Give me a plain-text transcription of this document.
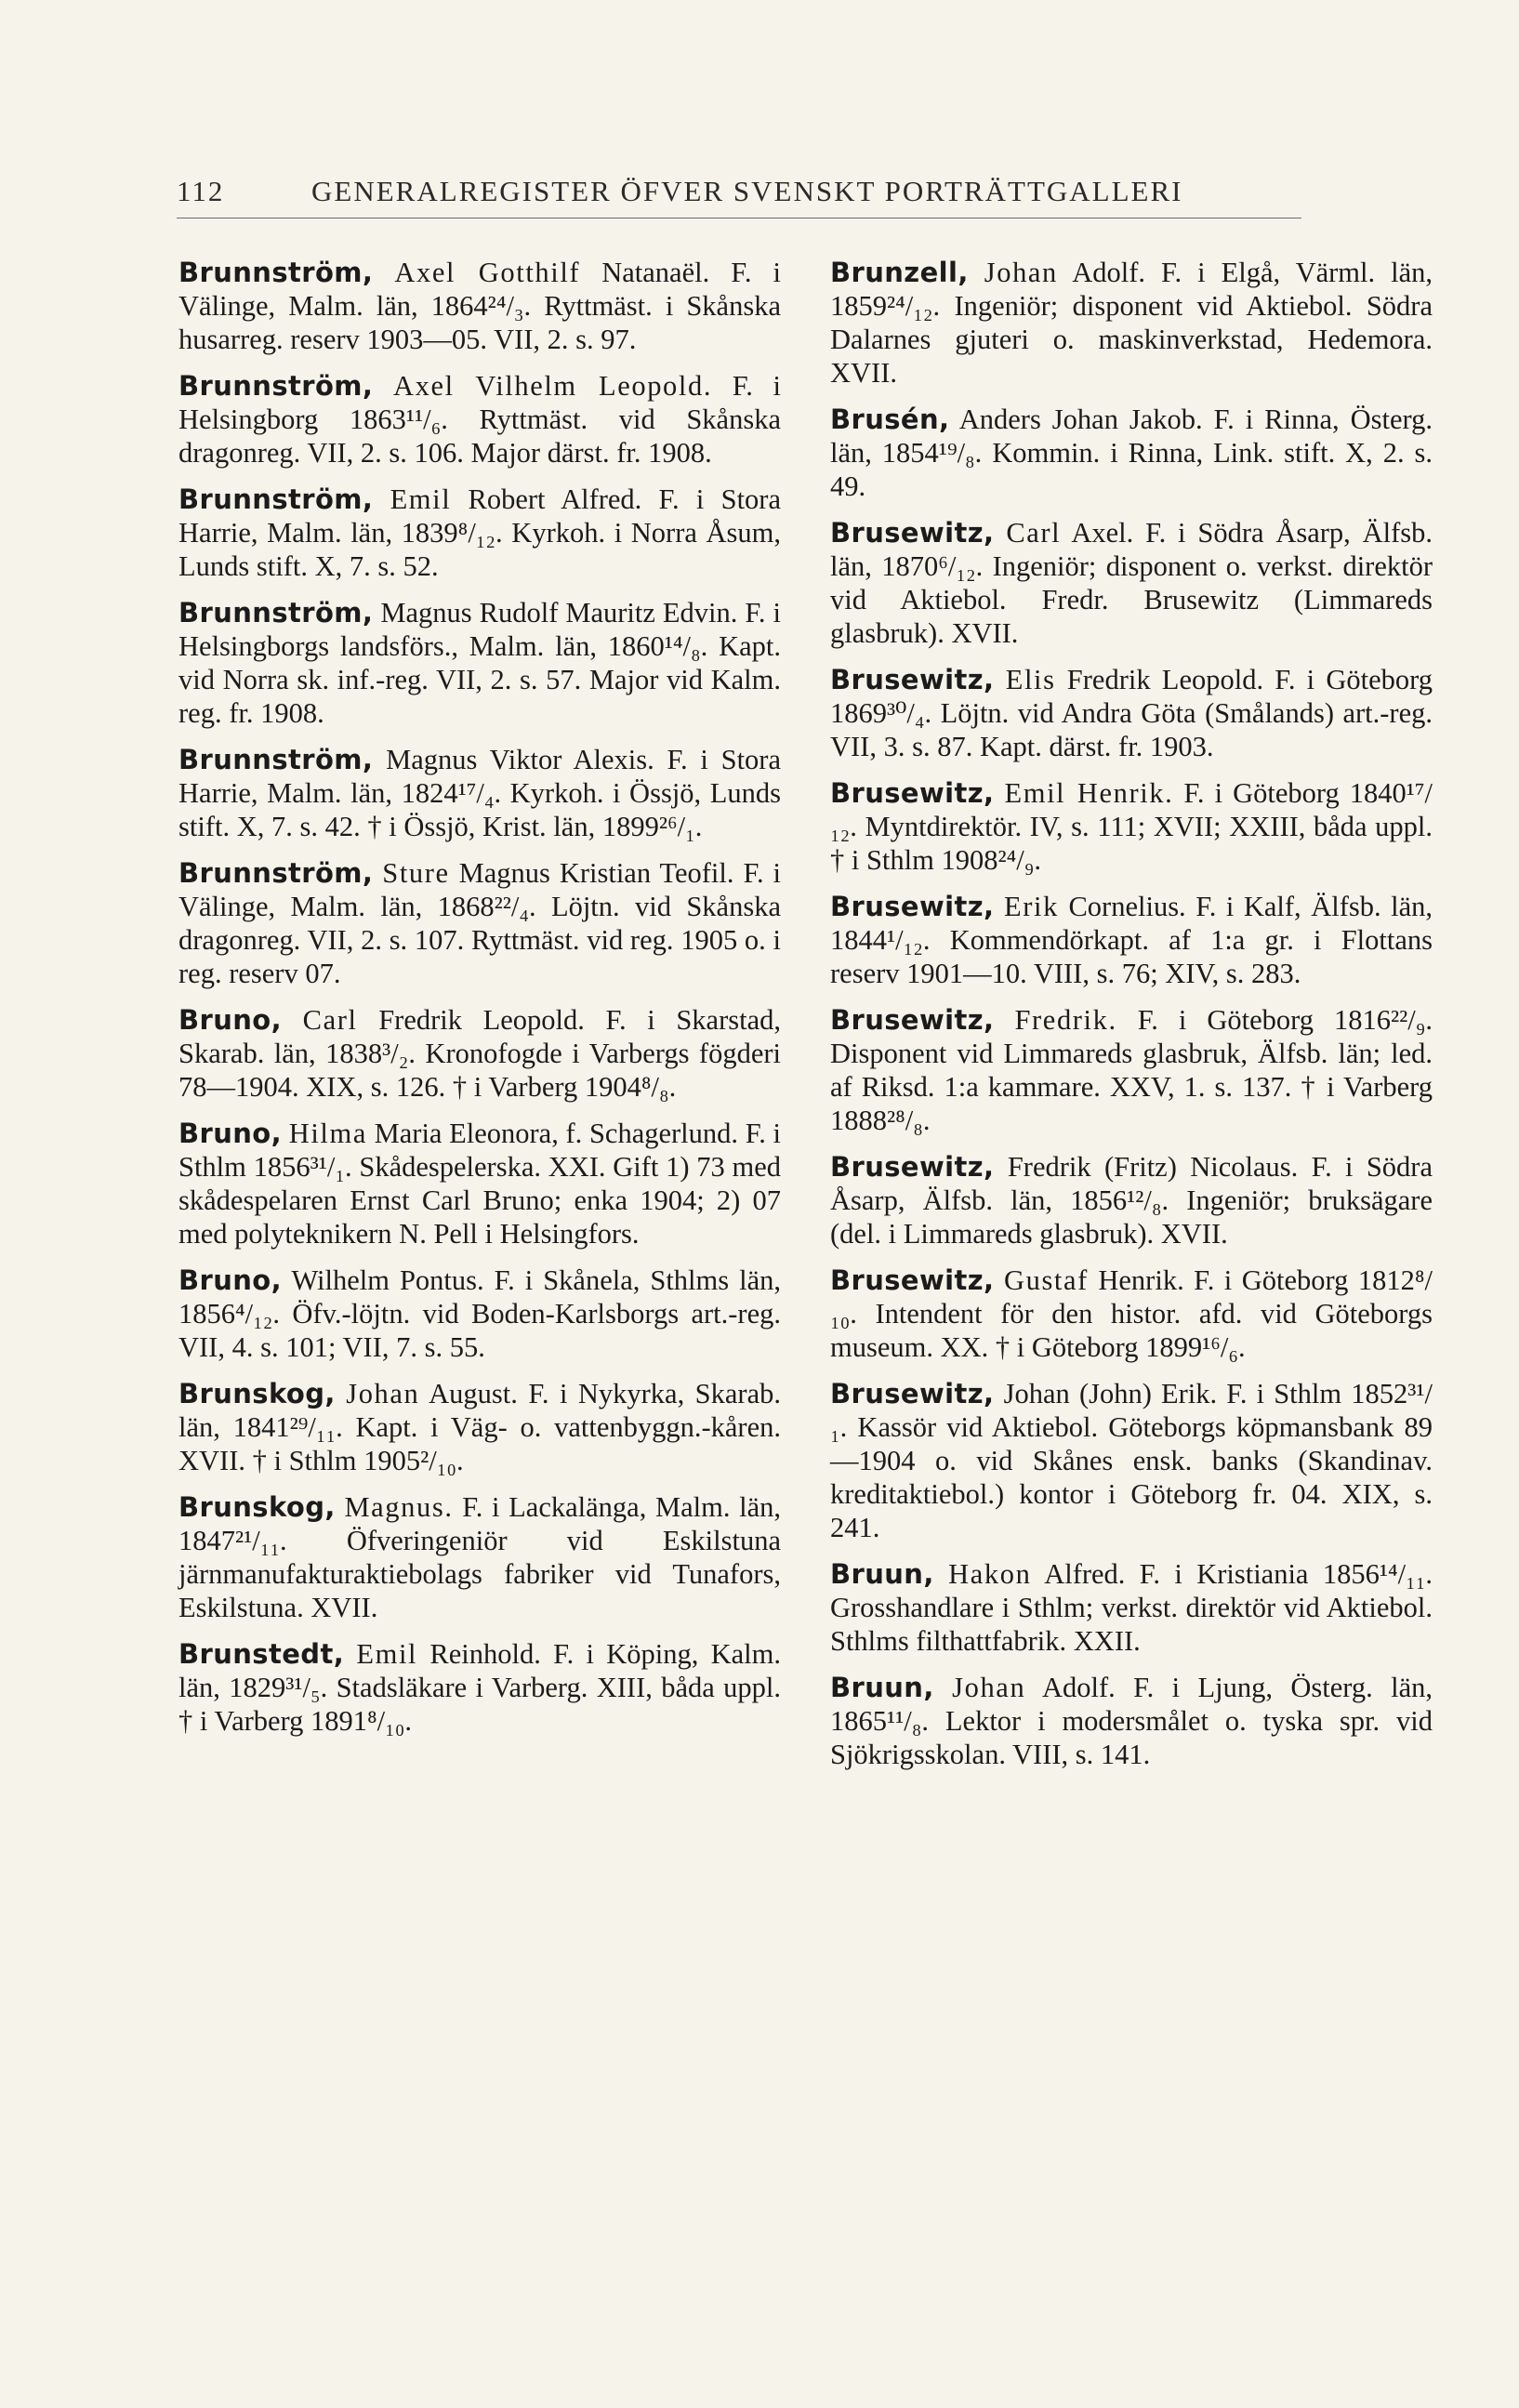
112	GENERALREGISTER ÖFVER SVENSKT PORTRÄTTGALLERI

Brunnström, Axel Gotthilf Natanaël. F. i Välinge, Malm. län, 1864²⁴/₃. Ryttmäst. i Skånska husarreg. reserv 1903—05. VII, 2. s. 97.

Brunnström, Axel Vilhelm Leopold. F. i Helsingborg 1863¹¹/₆. Ryttmäst. vid Skånska dragonreg. VII, 2. s. 106. Major därst. fr. 1908.

Brunnström, Emil Robert Alfred. F. i Stora Harrie, Malm. län, 1839⁸/₁₂. Kyrkoh. i Norra Åsum, Lunds stift. X, 7. s. 52.

Brunnström, Magnus Rudolf Mauritz Edvin. F. i Helsingborgs landsförs., Malm. län, 1860¹⁴/₈. Kapt. vid Norra sk. inf.-reg. VII, 2. s. 57. Major vid Kalm. reg. fr. 1908.

Brunnström, Magnus Viktor Alexis. F. i Stora Harrie, Malm. län, 1824¹⁷/₄. Kyrkoh. i Össjö, Lunds stift. X, 7. s. 42. † i Össjö, Krist. län, 1899²⁶/₁.

Brunnström, Sture Magnus Kristian Teofil. F. i Välinge, Malm. län, 1868²²/₄. Löjtn. vid Skånska dragonreg. VII, 2. s. 107. Ryttmäst. vid reg. 1905 o. i reg. reserv 07.

Bruno, Carl Fredrik Leopold. F. i Skarstad, Skarab. län, 1838³/₂. Kronofogde i Varbergs fögderi 78—1904. XIX, s. 126. † i Varberg 1904⁸/₈.

Bruno, Hilma Maria Eleonora, f. Schagerlund. F. i Sthlm 1856³¹/₁. Skådespelerska. XXI. Gift 1) 73 med skådespelaren Ernst Carl Bruno; enka 1904; 2) 07 med polyteknikern N. Pell i Helsingfors.

Bruno, Wilhelm Pontus. F. i Skånela, Sthlms län, 1856⁴/₁₂. Öfv.-löjtn. vid Boden-Karlsborgs art.-reg. VII, 4. s. 101; VII, 7. s. 55.

Brunskog, Johan August. F. i Nykyrka, Skarab. län, 1841²⁹/₁₁. Kapt. i Väg- o. vattenbyggn.-kåren. XVII. † i Sthlm 1905²/₁₀.

Brunskog, Magnus. F. i Lackalänga, Malm. län, 1847²¹/₁₁. Öfveringeniör vid Eskilstuna järnmanufakturaktiebolags fabriker vid Tunafors, Eskilstuna. XVII.

Brunstedt, Emil Reinhold. F. i Köping, Kalm. län, 1829³¹/₅. Stadsläkare i Varberg. XIII, båda uppl. † i Varberg 1891⁸/₁₀.

Brunzell, Johan Adolf. F. i Elgå, Värml. län, 1859²⁴/₁₂. Ingeniör; disponent vid Aktiebol. Södra Dalarnes gjuteri o. maskinverkstad, Hedemora. XVII.

Brusén, Anders Johan Jakob. F. i Rinna, Österg. län, 1854¹⁹/₈. Kommin. i Rinna, Link. stift. X, 2. s. 49.

Brusewitz, Carl Axel. F. i Södra Åsarp, Älfsb. län, 1870⁶/₁₂. Ingeniör; disponent o. verkst. direktör vid Aktiebol. Fredr. Brusewitz (Limmareds glasbruk). XVII.

Brusewitz, Elis Fredrik Leopold. F. i Göteborg 1869³⁰/₄. Löjtn. vid Andra Göta (Smålands) art.-reg. VII, 3. s. 87. Kapt. därst. fr. 1903.

Brusewitz, Emil Henrik. F. i Göteborg 1840¹⁷/₁₂. Myntdirektör. IV, s. 111; XVII; XXIII, båda uppl. † i Sthlm 1908²⁴/₉.

Brusewitz, Erik Cornelius. F. i Kalf, Älfsb. län, 1844¹/₁₂. Kommendörkapt. af 1:a gr. i Flottans reserv 1901—10. VIII, s. 76; XIV, s. 283.

Brusewitz, Fredrik. F. i Göteborg 1816²²/₉. Disponent vid Limmareds glasbruk, Älfsb. län; led. af Riksd. 1:a kammare. XXV, 1. s. 137. † i Varberg 1888²⁸/₈.

Brusewitz, Fredrik (Fritz) Nicolaus. F. i Södra Åsarp, Älfsb. län, 1856¹²/₈. Ingeniör; bruksägare (del. i Limmareds glasbruk). XVII.

Brusewitz, Gustaf Henrik. F. i Göteborg 1812⁸/₁₀. Intendent för den histor. afd. vid Göteborgs museum. XX. † i Göteborg 1899¹⁶/₆.

Brusewitz, Johan (John) Erik. F. i Sthlm 1852³¹/₁. Kassör vid Aktiebol. Göteborgs köpmansbank 89—1904 o. vid Skånes ensk. banks (Skandinav. kreditaktiebol.) kontor i Göteborg fr. 04. XIX, s. 241.

Bruun, Hakon Alfred. F. i Kristiania 1856¹⁴/₁₁. Grosshandlare i Sthlm; verkst. direktör vid Aktiebol. Sthlms filthattfabrik. XXII.

Bruun, Johan Adolf. F. i Ljung, Österg. län, 1865¹¹/₈. Lektor i modersmålet o. tyska spr. vid Sjökrigsskolan. VIII, s. 141.
